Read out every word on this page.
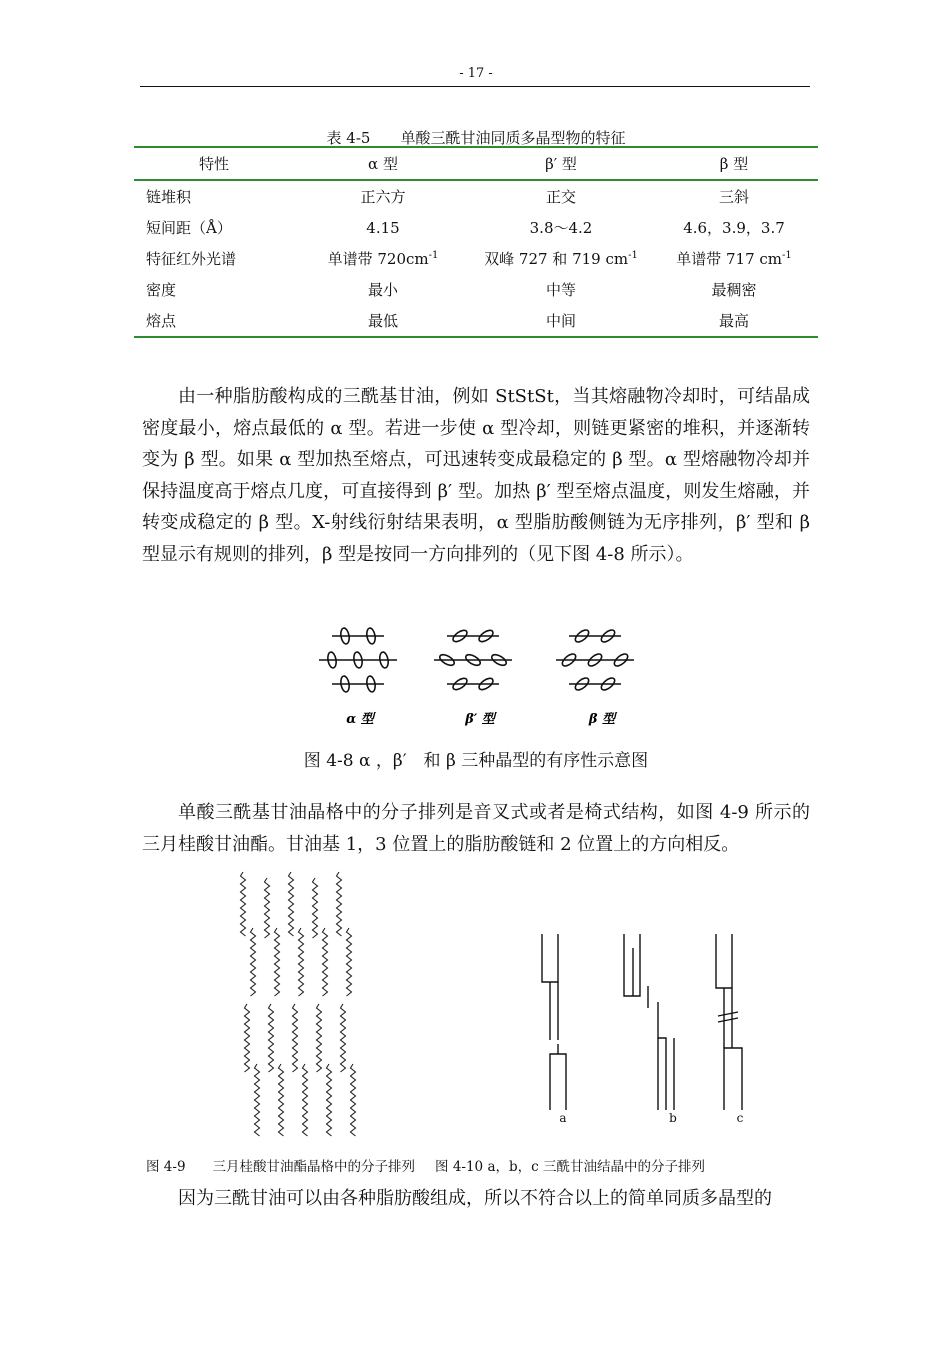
- 17 -
表 4-5　　单酸三酰甘油同质多晶型物的特征
特性	α 型	β′ 型	β 型
链堆积	正六方	正交	三斜
短间距（Å）	4.15	3.8～4.2	4.6，3.9，3.7
特征红外光谱	单谱带 $720cm^{-1}$	双峰 727 和 719 $cm^{-1}$	单谱带 717 $cm^{-1}$
密度	最小	中等	最稠密
熔点	最低	中间	最高
由一种脂肪酸构成的三酰基甘油，例如 StStSt，当其熔融物冷却时，可结晶成密度最小，熔点最低的 α 型。若进一步使 α 型冷却，则链更紧密的堆积，并逐渐转变为 β 型。如果 α 型加热至熔点，可迅速转变成最稳定的 β 型。α 型熔融物冷却并保持温度高于熔点几度，可直接得到 β′ 型。加热 β′ 型至熔点温度，则发生熔融，并转变成稳定的 β 型。X-射线衍射结果表明，α 型脂肪酸侧链为无序排列，β′ 型和 β 型显示有规则的排列，β 型是按同一方向排列的（见下图 4-8 所示）。
α 型	β′ 型	β 型
图 4-8 α ，β′　和 β 三种晶型的有序性示意图
单酸三酰基甘油晶格中的分子排列是音叉式或者是椅式结构，如图 4-9 所示的三月桂酸甘油酯。甘油基 1，3 位置上的脂肪酸链和 2 位置上的方向相反。
a	b	c
图 4-9　　三月桂酸甘油酯晶格中的分子排列 图 4-10 a，b，c 三酰甘油结晶中的分子排列
因为三酰甘油可以由各种脂肪酸组成，所以不符合以上的简单同质多晶型的
